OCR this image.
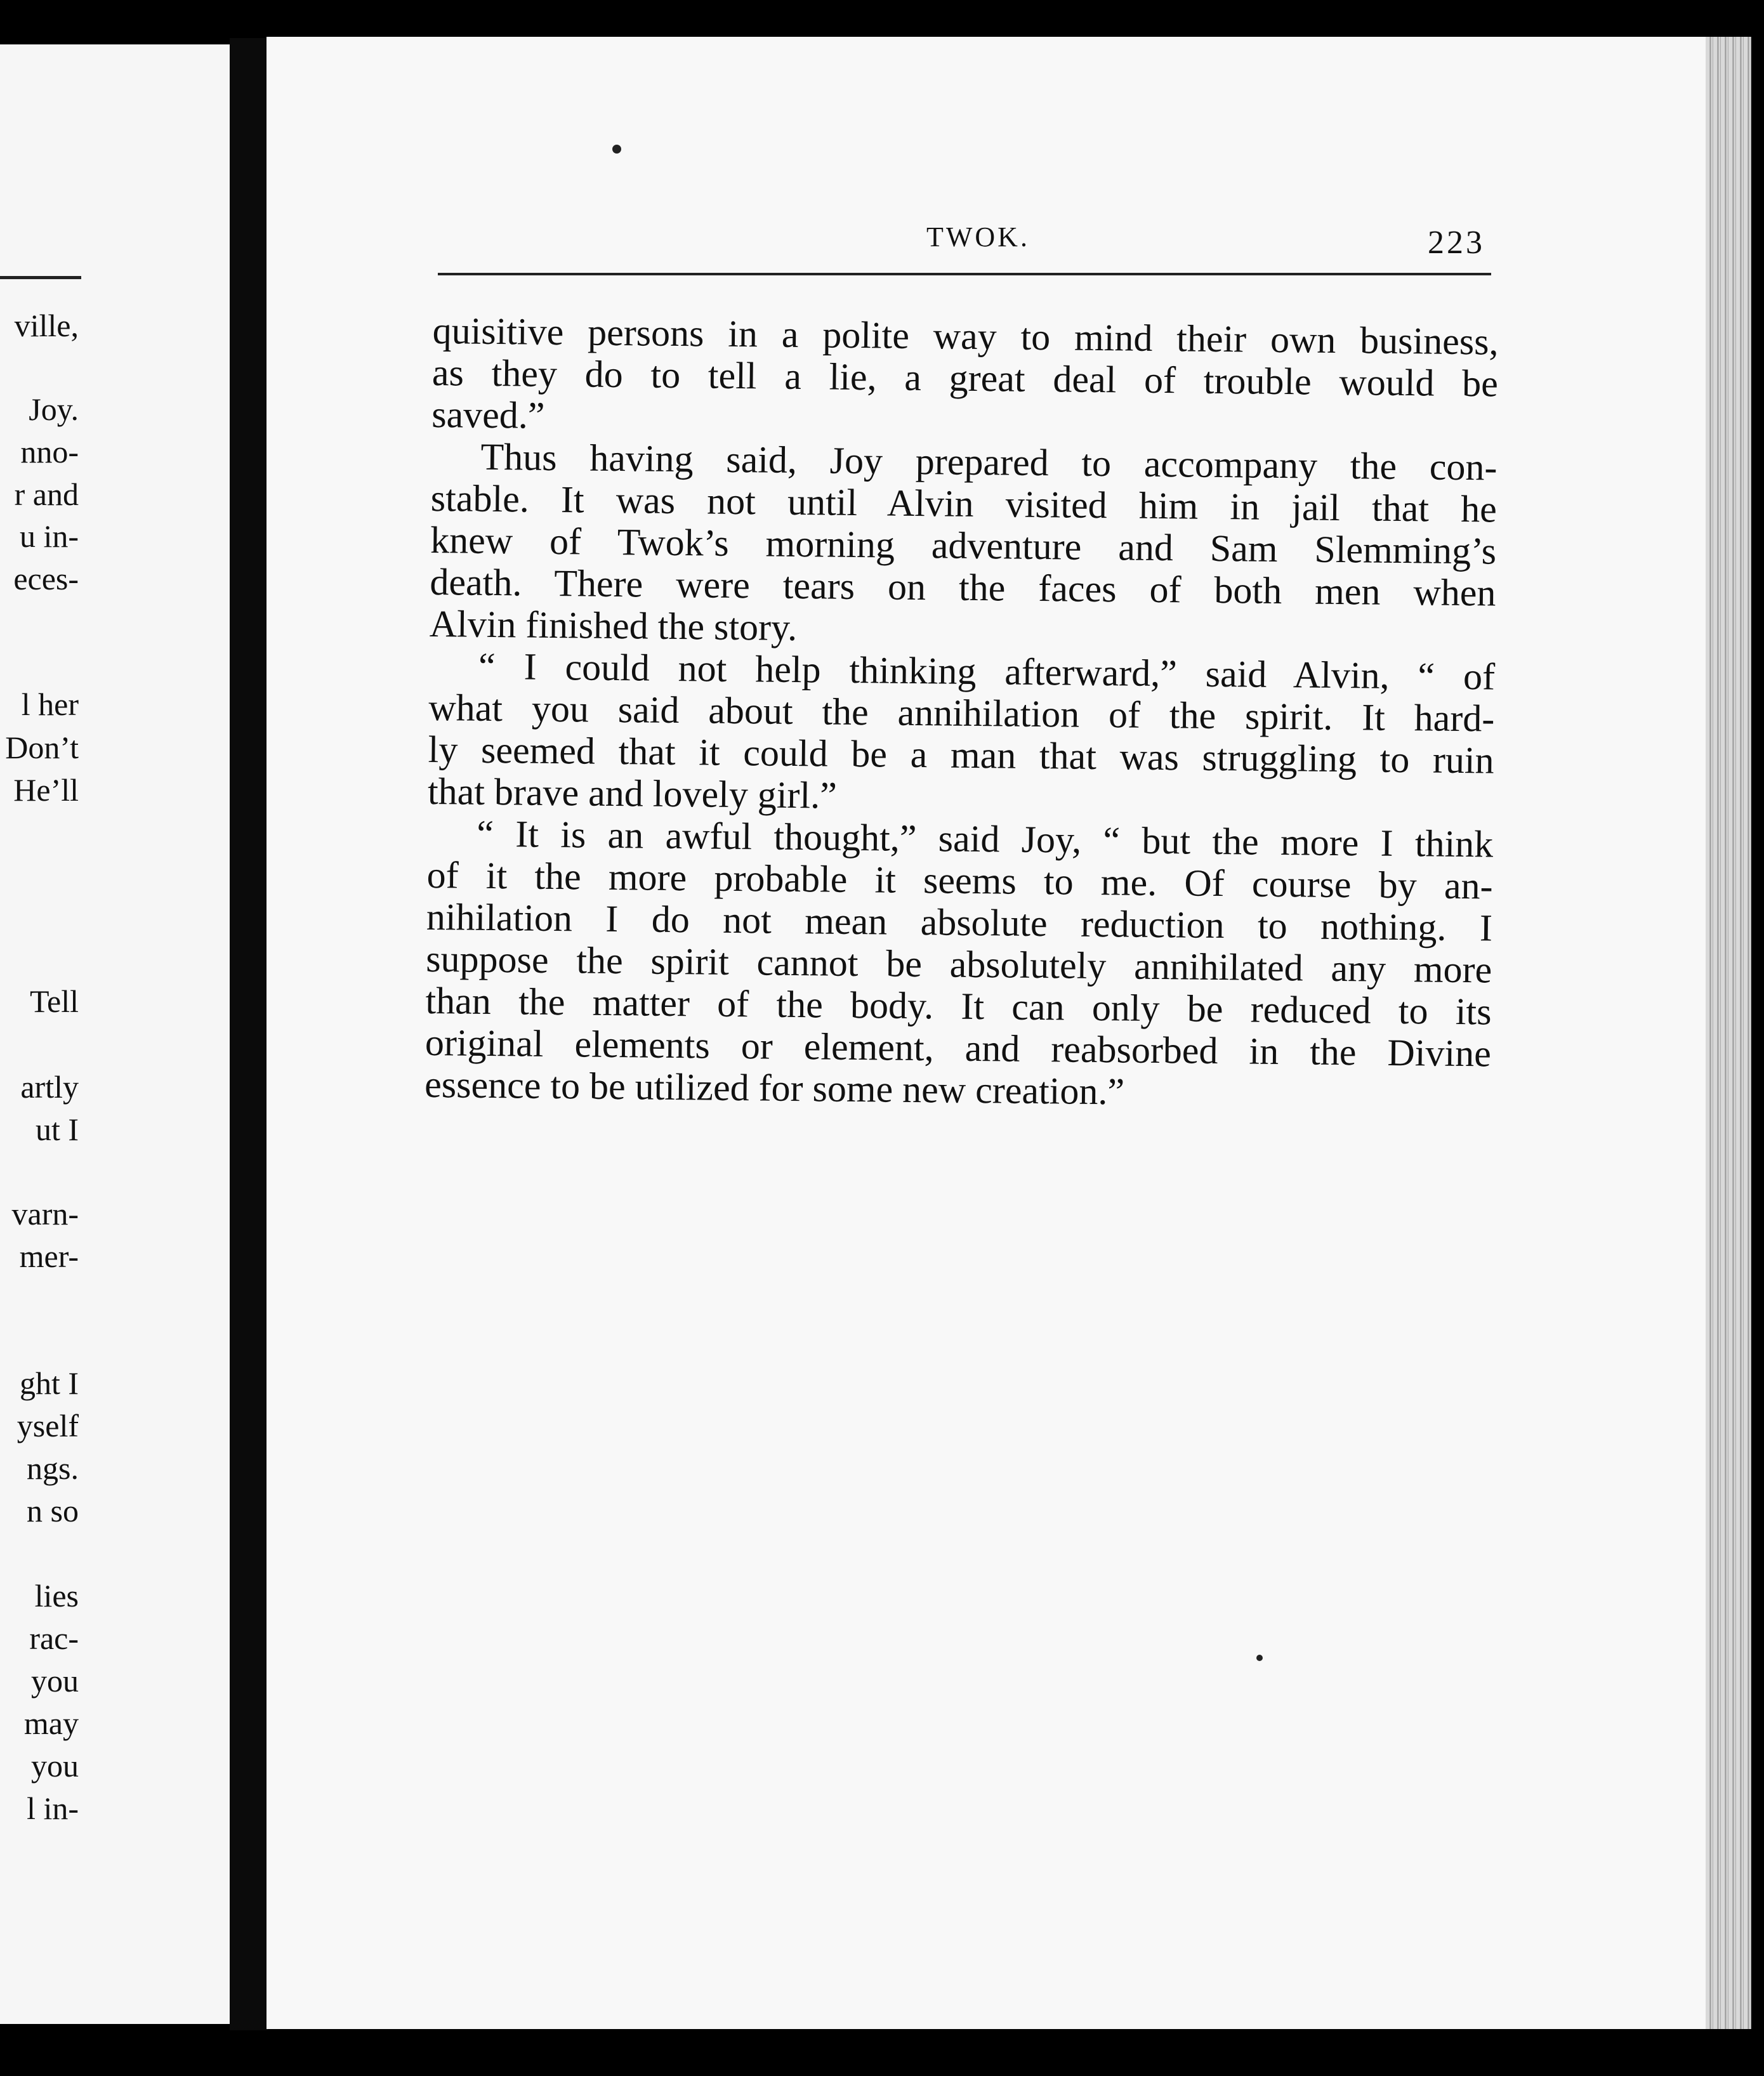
ville,
Joy.
nno-
r and
u in-
eces-
l her
Don’t
He’ll
Tell
artly
ut I
varn-
mer-
ght I
yself
ngs.
n so
lies
rac-
you
may
you
l in-
TWOK.	223
quisitive persons in a polite way to mind their own business,
as they do to tell a lie, a great deal of trouble would be
saved.”
Thus having said, Joy prepared to accompany the con-
stable. It was not until Alvin visited him in jail that he
knew of Twok’s morning adventure and Sam Slemming’s
death. There were tears on the faces of both men when
Alvin finished the story.
“ I could not help thinking afterward,” said Alvin, “ of
what you said about the annihilation of the spirit. It hard-
ly seemed that it could be a man that was struggling to ruin
that brave and lovely girl.”
“ It is an awful thought,” said Joy, “ but the more I think
of it the more probable it seems to me. Of course by an-
nihilation I do not mean absolute reduction to nothing. I
suppose the spirit cannot be absolutely annihilated any more
than the matter of the body. It can only be reduced to its
original elements or element, and reabsorbed in the Divine
essence to be utilized for some new creation.”
